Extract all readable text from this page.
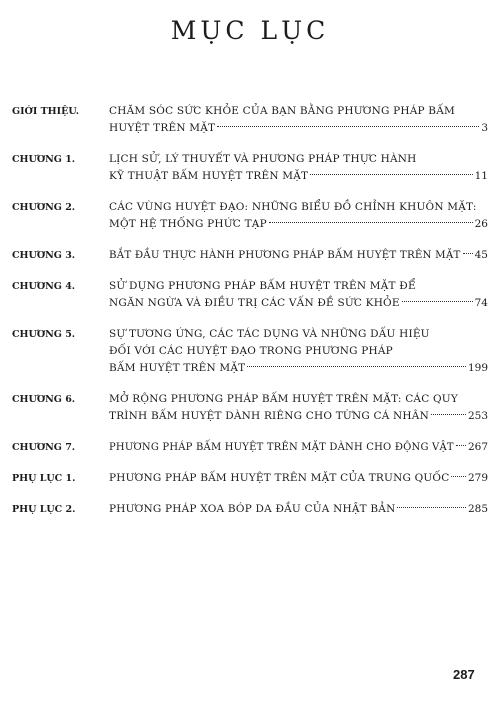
MỤC LỤC
GIỚI THIỆU.	CHĂM SÓC SỨC KHỎE CỦA BẠN BẰNG PHƯƠNG PHÁP BẤM
HUYỆT TRÊN MẶT	3
CHƯƠNG 1.	LỊCH SỬ, LÝ THUYẾT VÀ PHƯƠNG PHÁP THỰC HÀNH
KỸ THUẬT BẤM HUYỆT TRÊN MẶT	11
CHƯƠNG 2.	CÁC VÙNG HUYỆT ĐẠO: NHỮNG BIỂU ĐỒ CHỈNH KHUÔN MẶT:
MỘT HỆ THỐNG PHỨC TẠP	26
CHƯƠNG 3.	BẮT ĐẦU THỰC HÀNH PHƯƠNG PHÁP BẤM HUYỆT TRÊN MẶT 45
CHƯƠNG 4.	SỬ DỤNG PHƯƠNG PHÁP BẤM HUYỆT TRÊN MẶT ĐỂ
NGĂN NGỪA VÀ ĐIỀU TRỊ CÁC VẤN ĐỀ SỨC KHỎE	74
CHƯƠNG 5.	SỰ TƯƠNG ỨNG, CÁC TÁC DỤNG VÀ NHỮNG DẤU HIỆU
ĐỐI VỚI CÁC HUYỆT ĐẠO TRONG PHƯƠNG PHÁP
BẤM HUYỆT TRÊN MẶT	199
CHƯƠNG 6.	MỞ RỘNG PHƯƠNG PHÁP BẤM HUYỆT TRÊN MẶT: CÁC QUY
TRÌNH BẤM HUYỆT DÀNH RIÊNG CHO TỪNG CÁ NHÂN	253
CHƯƠNG 7.	PHƯƠNG PHÁP BẤM HUYỆT TRÊN MẶT DÀNH CHO ĐỘNG VẬT 267
PHỤ LỤC 1.	PHƯƠNG PHÁP BẤM HUYỆT TRÊN MẶT CỦA TRUNG QUỐC 279
PHỤ LỤC 2.	PHƯƠNG PHÁP XOA BÓP DA ĐẦU CỦA NHẬT BẢN	285
287
